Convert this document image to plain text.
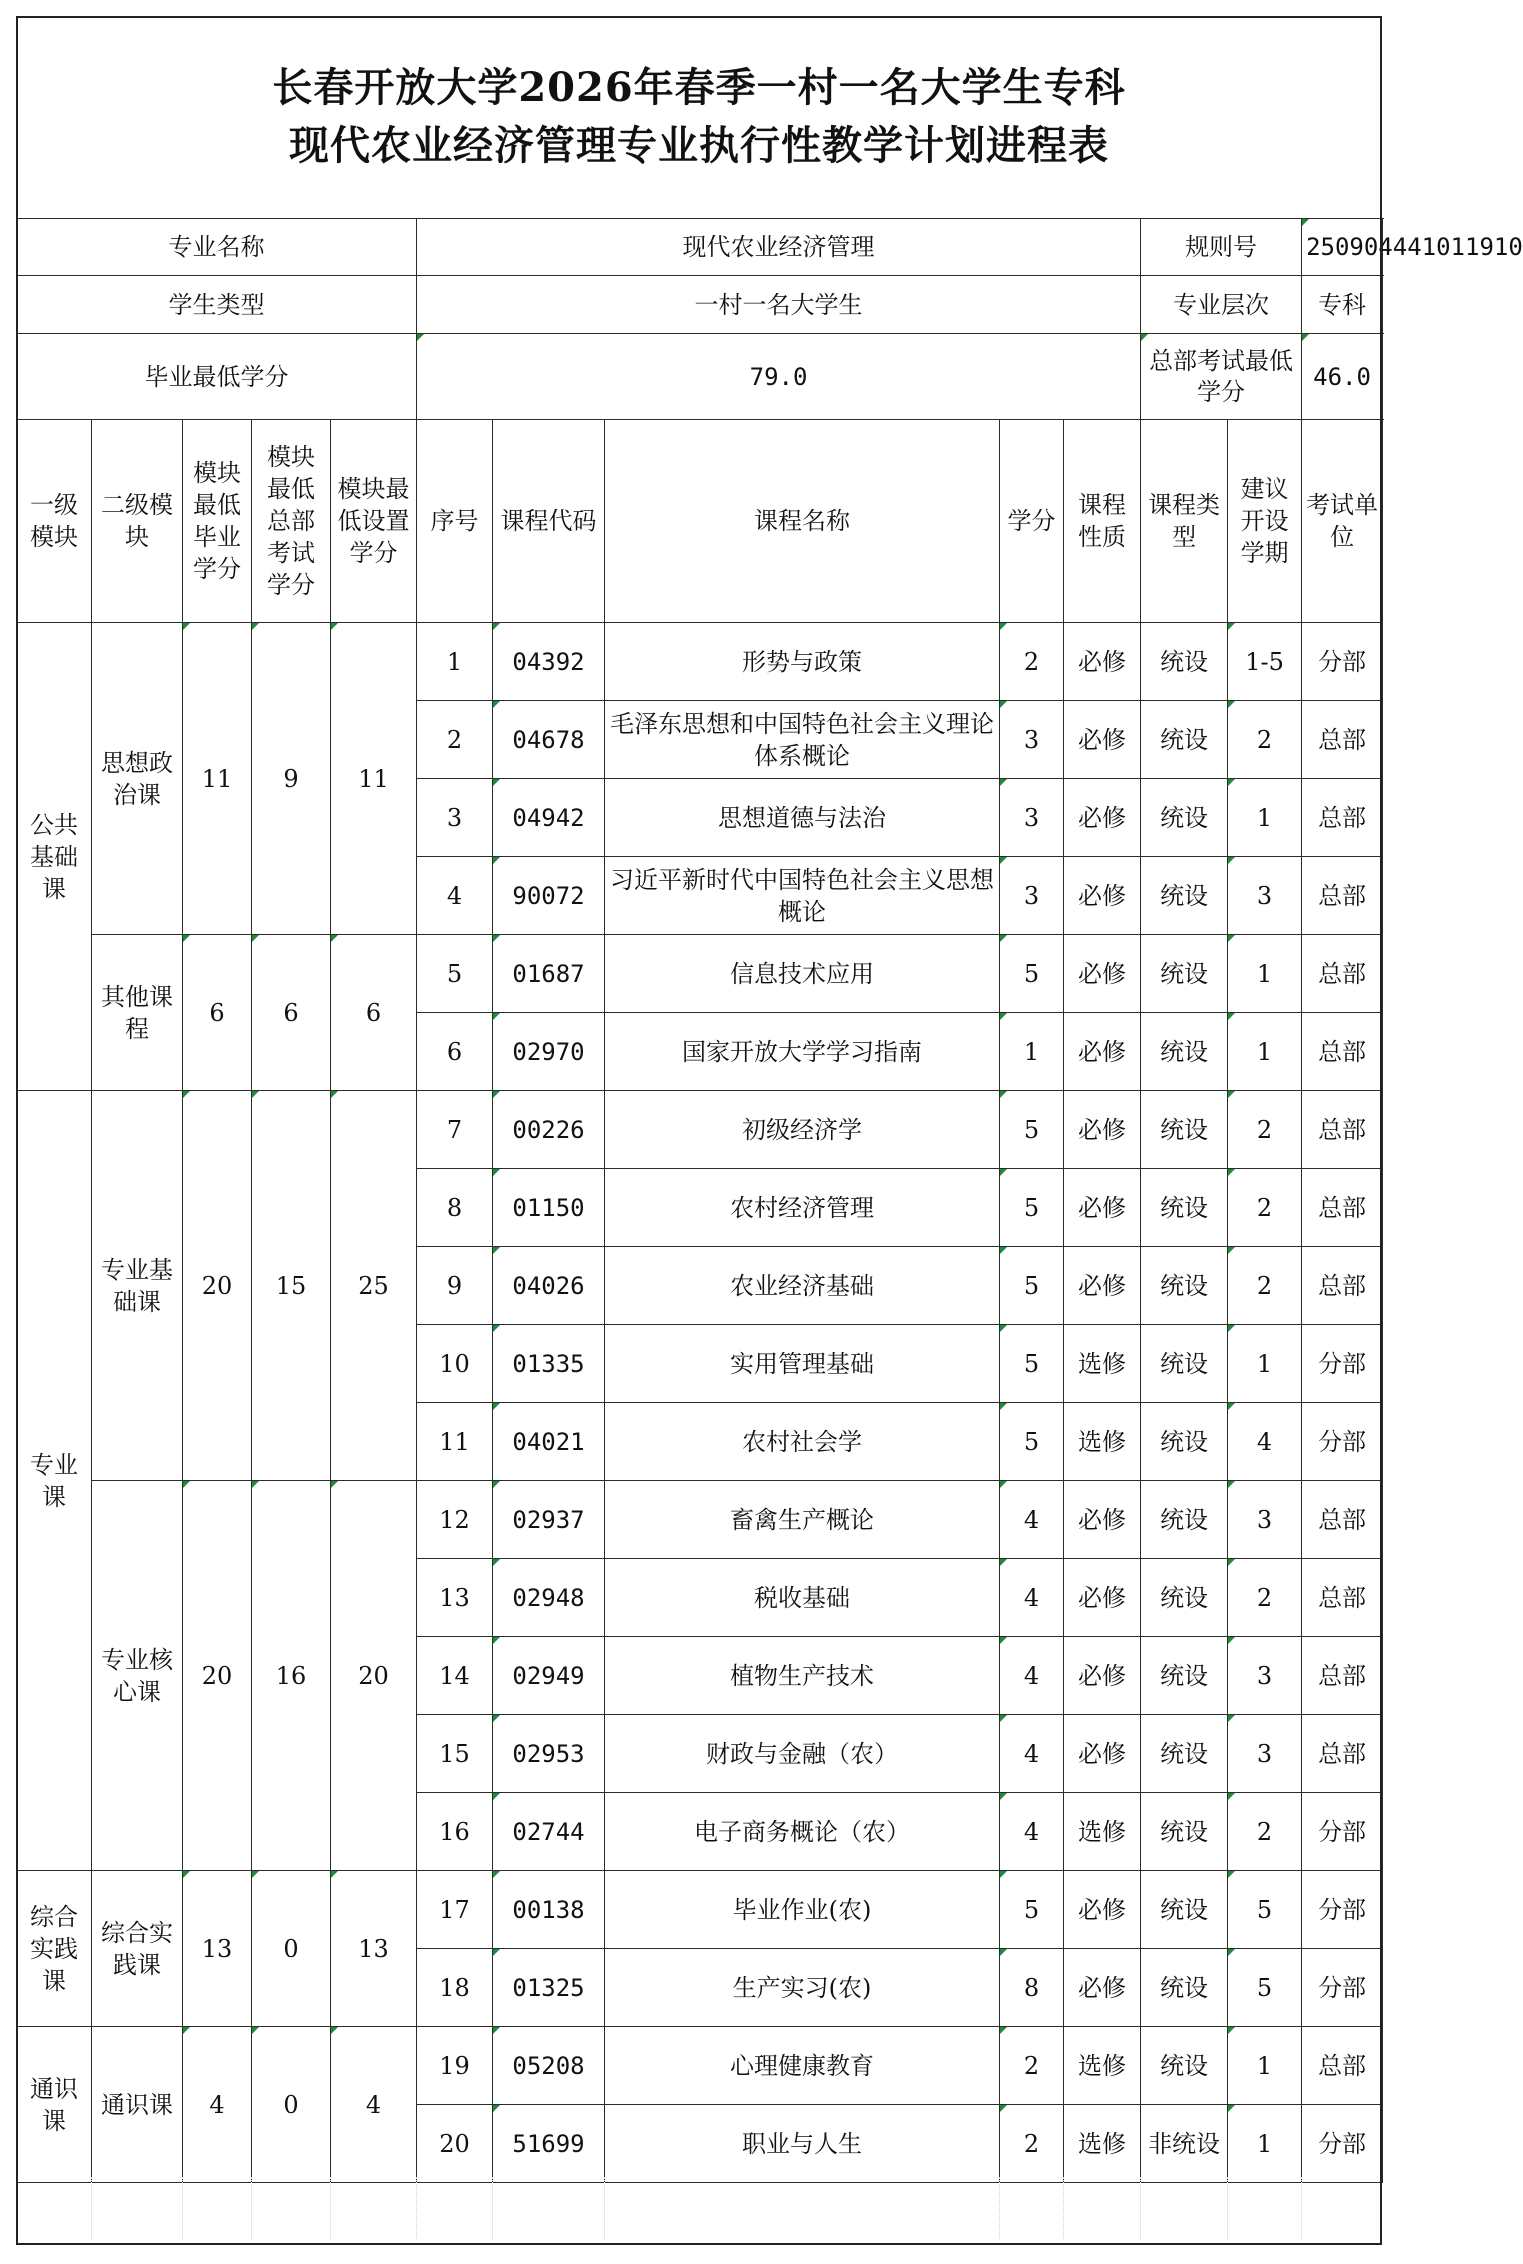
长春开放大学2026年春季一村一名大学生专科
现代农业经济管理专业执行性教学计划进程表
专业名称					现代农业经济管理					规则号		250904441011910
学生类型					一村一名大学生					专业层次		专科
毕业最低学分					79.0					总部考试最低学分		46.0
一级模块	二级模块	模块最低毕业学分	模块最低总部考试学分	模块最低设置学分	序号	课程代码	课程名称	学分	课程性质	课程类型	建议开设学期	考试单位
公共基础课	思想政治课	11	9	11	1	04392	形势与政策	2	必修	统设	1-5	分部
					2	04678	毛泽东思想和中国特色社会主义理论体系概论	3	必修	统设	2	总部
					3	04942	思想道德与法治	3	必修	统设	1	总部
					4	90072	习近平新时代中国特色社会主义思想概论	3	必修	统设	3	总部
	其他课程	6	6	6	5	01687	信息技术应用	5	必修	统设	1	总部
					6	02970	国家开放大学学习指南	1	必修	统设	1	总部
专业课	专业基础课	20	15	25	7	00226	初级经济学	5	必修	统设	2	总部
					8	01150	农村经济管理	5	必修	统设	2	总部
					9	04026	农业经济基础	5	必修	统设	2	总部
					10	01335	实用管理基础	5	选修	统设	1	分部
					11	04021	农村社会学	5	选修	统设	4	分部
	专业核心课	20	16	20	12	02937	畜禽生产概论	4	必修	统设	3	总部
					13	02948	税收基础	4	必修	统设	2	总部
					14	02949	植物生产技术	4	必修	统设	3	总部
					15	02953	财政与金融（农）	4	必修	统设	3	总部
					16	02744	电子商务概论（农）	4	选修	统设	2	分部
综合实践课	综合实践课	13	0	13	17	00138	毕业作业(农)	5	必修	统设	5	分部
					18	01325	生产实习(农)	8	必修	统设	5	分部
通识课	通识课	4	0	4	19	05208	心理健康教育	2	选修	统设	1	总部
					20	51699	职业与人生	2	选修	非统设	1	分部
